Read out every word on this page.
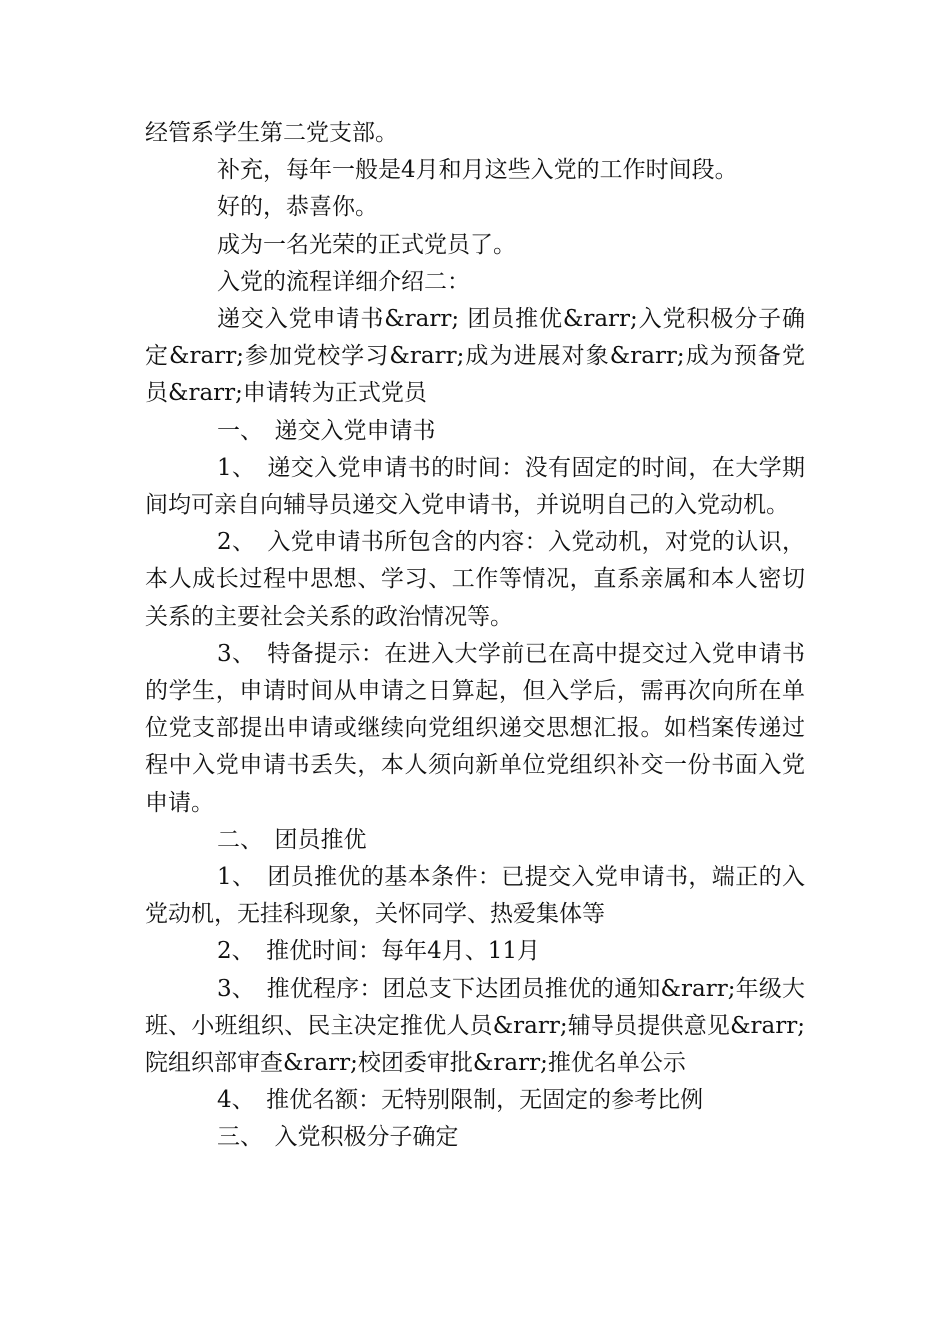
经管系学生第二党支部。

补充，每年一般是4月和月这些入党的工作时间段。

好的，恭喜你。

成为一名光荣的正式党员了。

入党的流程详细介绍二：

递交入党申请书&rarr; 团员推优&rarr;入党积极分子确定&rarr;参加党校学习&rarr;成为进展对象&rarr;成为预备党员&rarr;申请转为正式党员

一、　递交入党申请书

1、　递交入党申请书的时间：没有固定的时间，在大学期间均可亲自向辅导员递交入党申请书，并说明自己的入党动机。

2、　入党申请书所包含的内容：入党动机，对党的认识，本人成长过程中思想、学习、工作等情况，直系亲属和本人密切关系的主要社会关系的政治情况等。

3、　特备提示：在进入大学前已在高中提交过入党申请书的学生，申请时间从申请之日算起，但入学后，需再次向所在单位党支部提出申请或继续向党组织递交思想汇报。如档案传递过程中入党申请书丢失，本人须向新单位党组织补交一份书面入党申请。

二、　团员推优

1、　团员推优的基本条件：已提交入党申请书，端正的入党动机，无挂科现象，关怀同学、热爱集体等

2、　推优时间：每年4月、11月

3、　推优程序：团总支下达团员推优的通知&rarr;年级大班、小班组织、民主决定推优人员&rarr;辅导员提供意见&rarr;院组织部审查&rarr;校团委审批&rarr;推优名单公示

4、　推优名额：无特别限制，无固定的参考比例

三、　入党积极分子确定
